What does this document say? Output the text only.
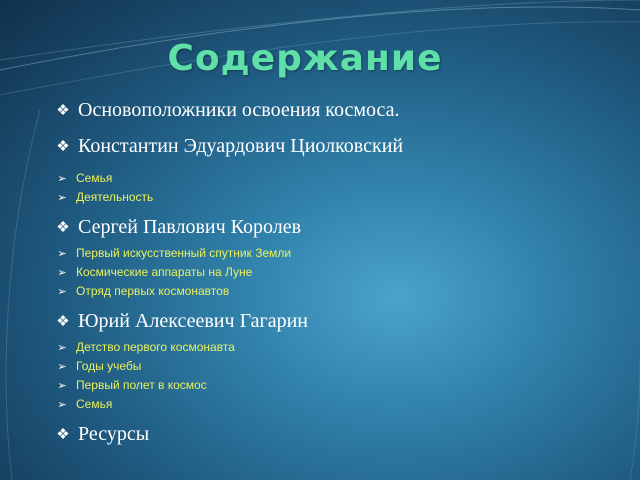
Содержание
❖ Основоположники освоения космоса.
❖ Константин Эдуардович Циолковский
➢ Семья
➢ Деятельность
❖ Сергей Павлович Королев
➢ Первый искусственный спутник Земли
➢ Космические аппараты на Луне
➢ Отряд первых космонавтов
❖ Юрий Алексеевич Гагарин
➢ Детство первого космонавта
➢ Годы учебы
➢ Первый полет в космос
➢ Семья
❖ Ресурсы
